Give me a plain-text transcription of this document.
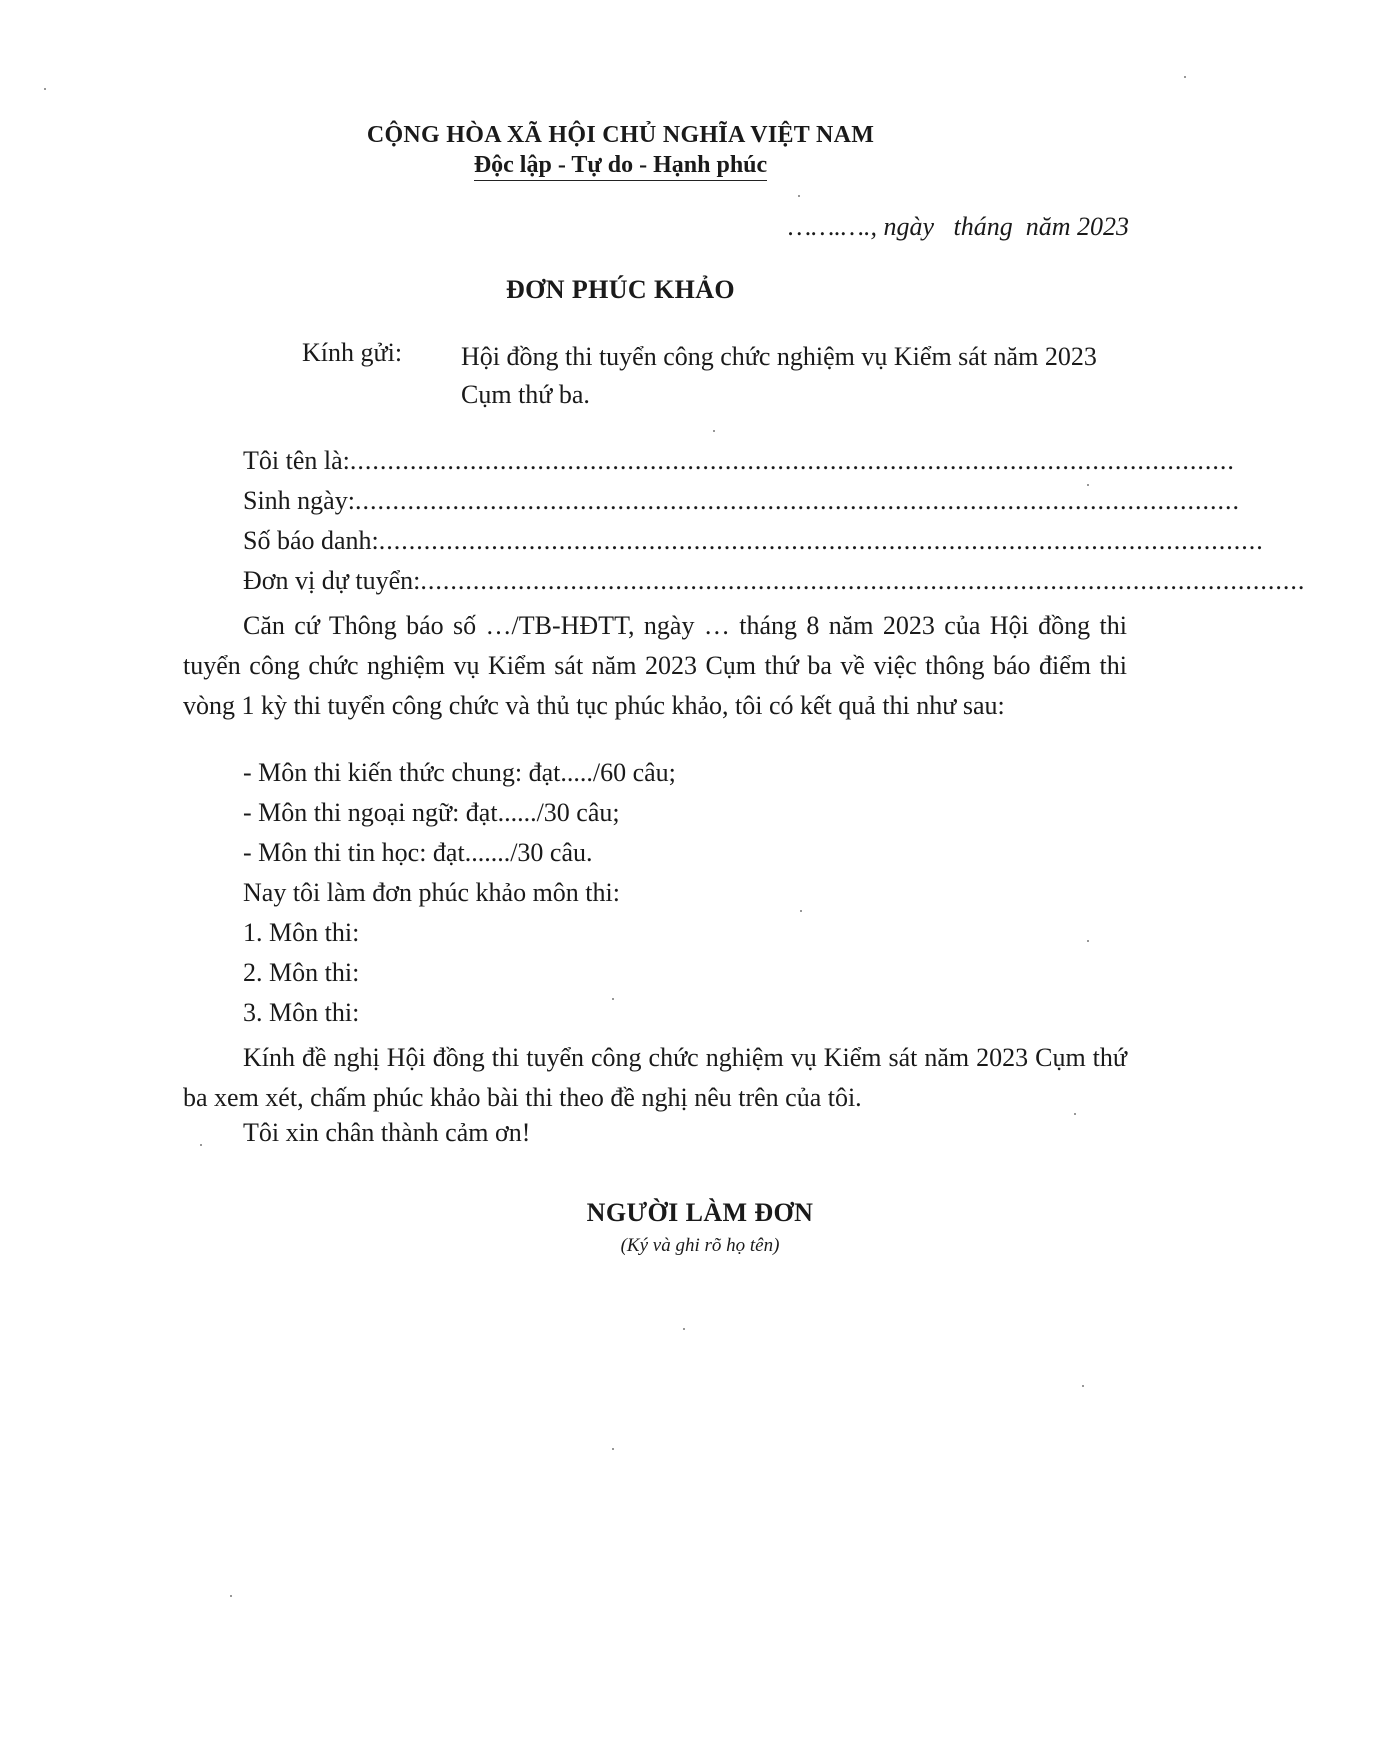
CỘNG HÒA XÃ HỘI CHỦ NGHĨA VIỆT NAM
Độc lập - Tự do - Hạnh phúc
…….…., ngày   tháng  năm 2023
ĐƠN PHÚC KHẢO
Kính gửi: Hội đồng thi tuyển công chức nghiệm vụ Kiểm sát năm 2023 Cụm thứ ba.
Tôi tên là: ......................................................................................................................
Sinh ngày: ......................................................................................................................
Số báo danh: ......................................................................................................................
Đơn vị dự tuyển: ......................................................................................................................
Căn cứ Thông báo số …/TB-HĐTT, ngày … tháng 8 năm 2023 của Hội đồng thi tuyển công chức nghiệm vụ Kiểm sát năm 2023 Cụm thứ ba về việc thông báo điểm thi vòng 1 kỳ thi tuyển công chức và thủ tục phúc khảo, tôi có kết quả thi như sau:
- Môn thi kiến thức chung: đạt...../60 câu;
- Môn thi ngoại ngữ: đạt....../30 câu;
- Môn thi tin học: đạt......./30 câu.
Nay tôi làm đơn phúc khảo môn thi:
1. Môn thi:
2. Môn thi:
3. Môn thi:
Kính đề nghị Hội đồng thi tuyển công chức nghiệm vụ Kiểm sát năm 2023 Cụm thứ ba xem xét, chấm phúc khảo bài thi theo đề nghị nêu trên của tôi.
Tôi xin chân thành cảm ơn!
NGƯỜI LÀM ĐƠN
(Ký và ghi rõ họ tên)
